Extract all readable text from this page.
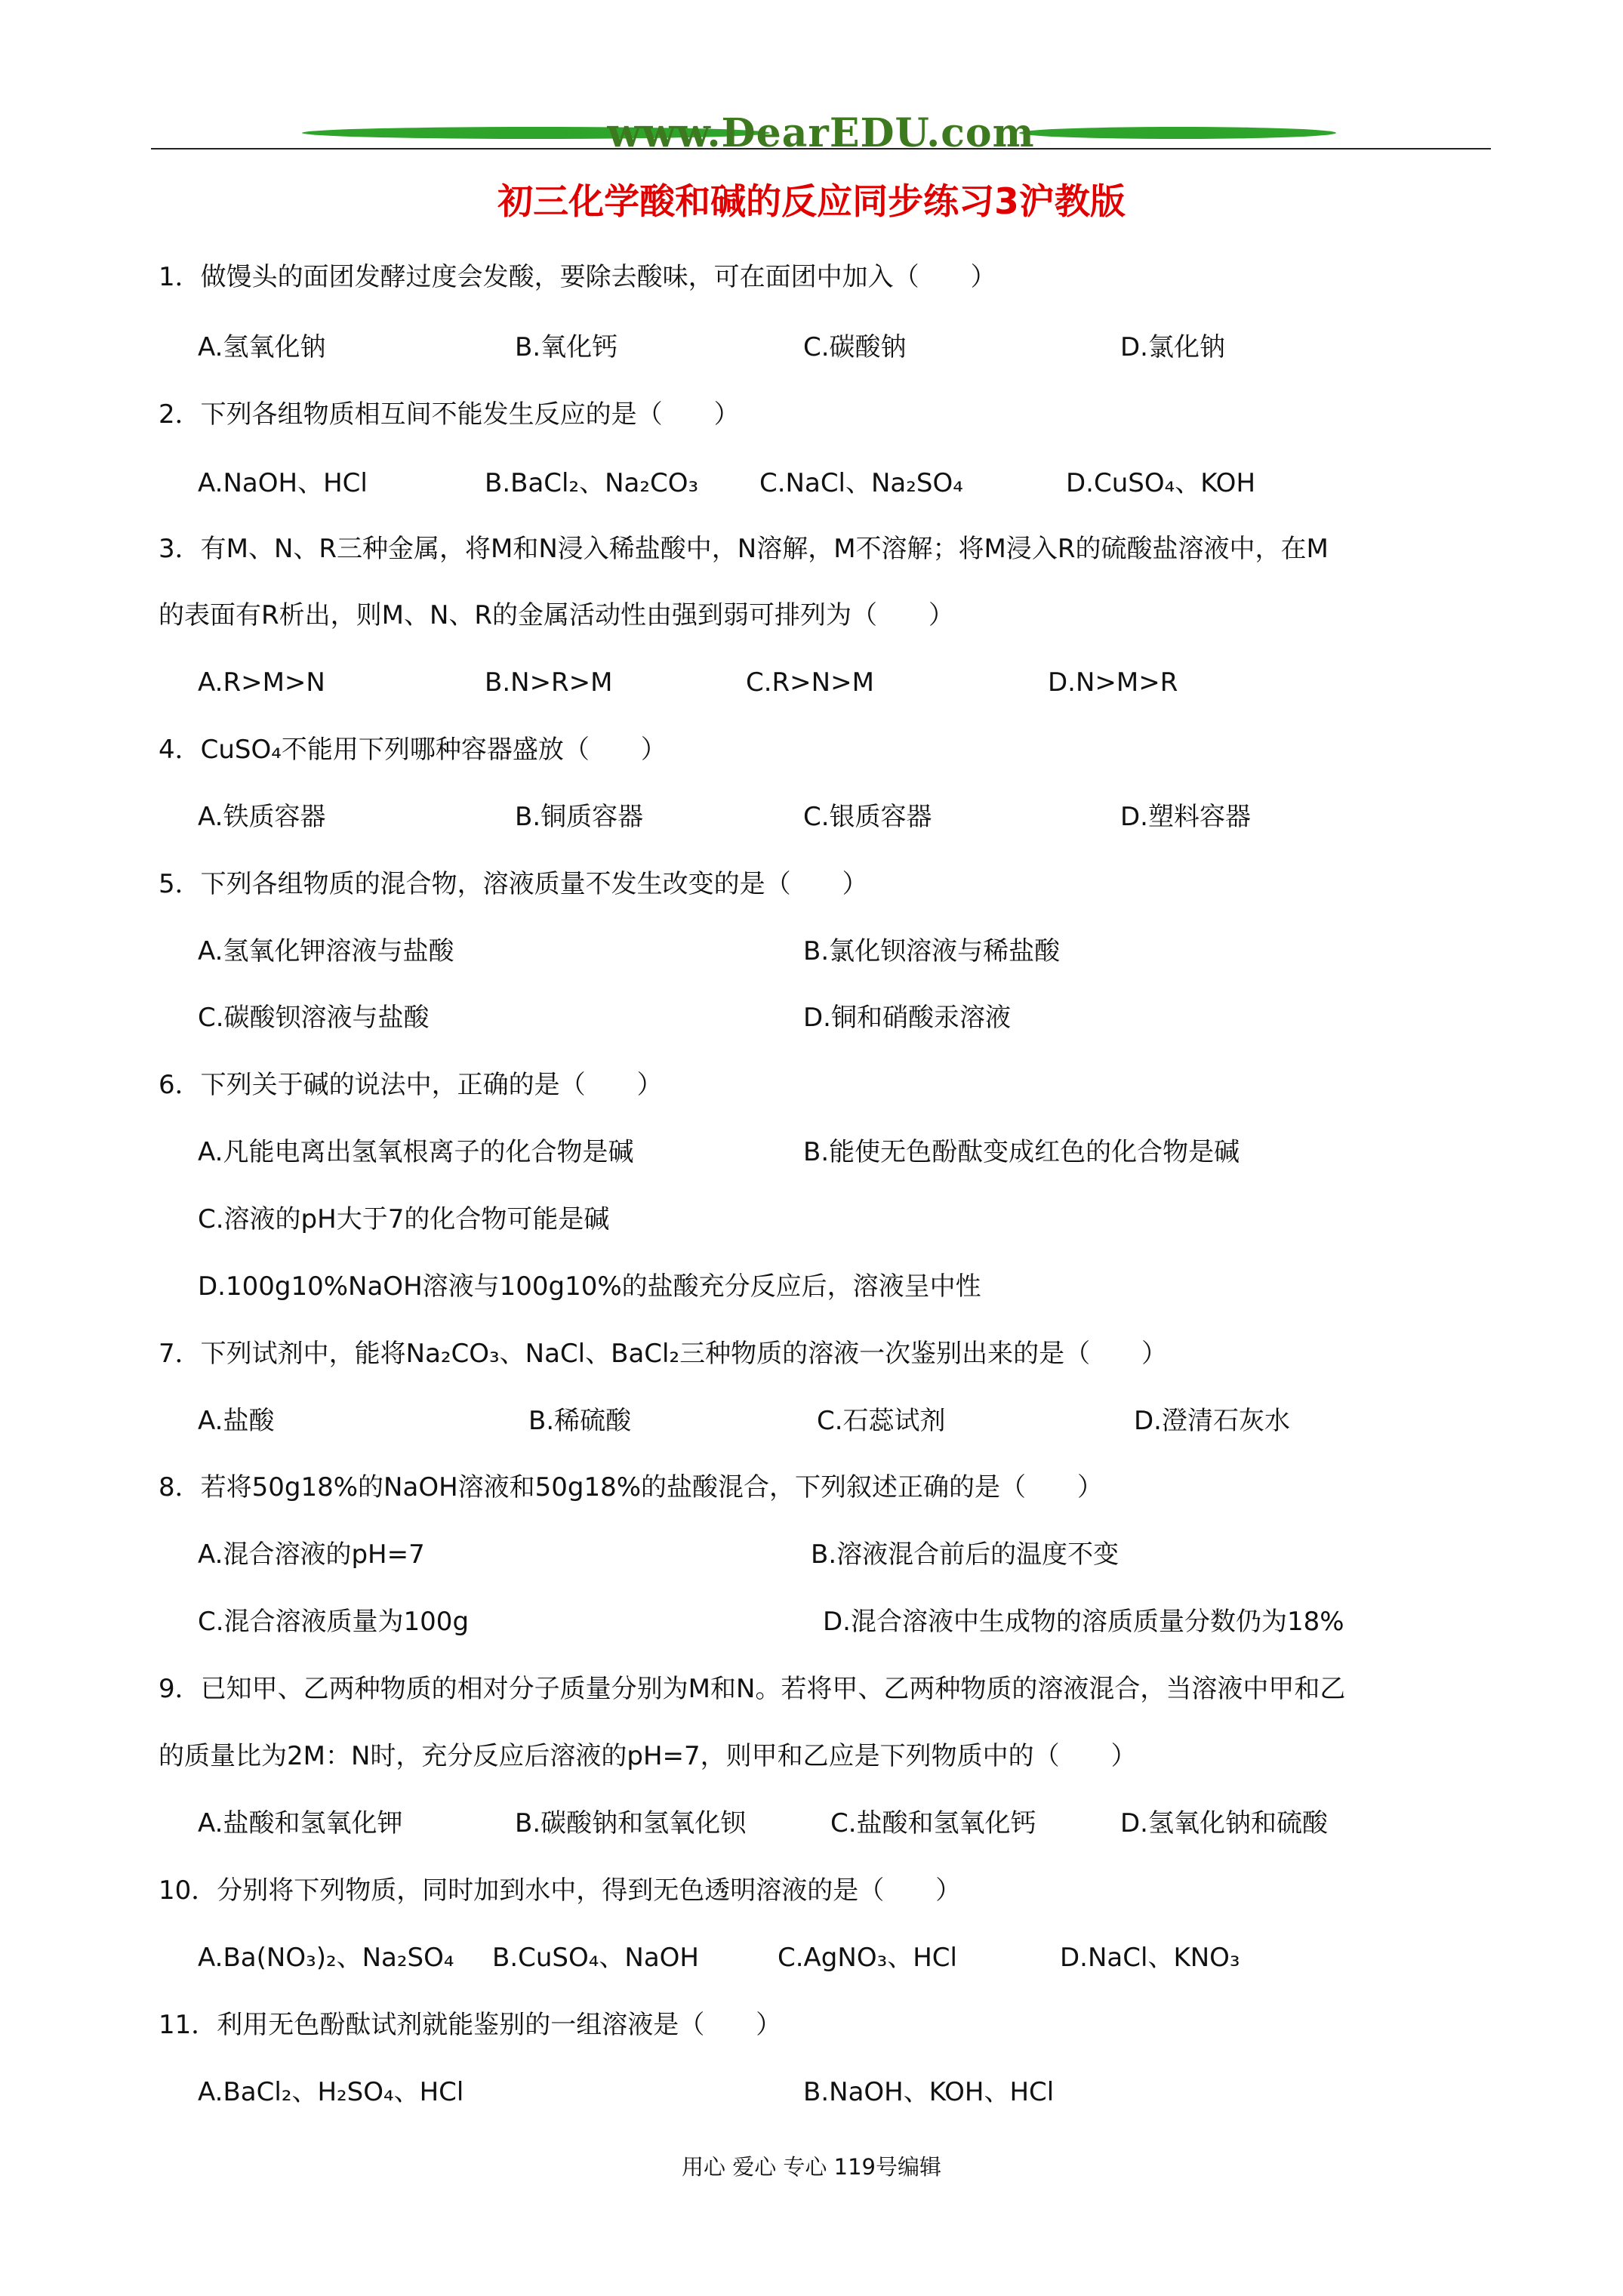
www.DearEDU.com
初三化学酸和碱的反应同步练习3沪教版
1．做馒头的面团发酵过度会发酸，要除去酸味，可在面团中加入（　　）
A.氢氧化钠	B.氧化钙	C.碳酸钠	D.氯化钠
2．下列各组物质相互间不能发生反应的是（　　）
A.NaOH、HCl	B.BaCl₂、Na₂CO₃ C.NaCl、Na₂SO₄	D.CuSO₄、KOH
3．有M、N、R三种金属，将M和N浸入稀盐酸中，N溶解，M不溶解；将M浸入R的硫酸盐溶液中，在M
的表面有R析出，则M、N、R的金属活动性由强到弱可排列为（　　）
A.R>M>N	B.N>R>M	C.R>N>M	D.N>M>R
4．CuSO₄不能用下列哪种容器盛放（　　）
A.铁质容器	B.铜质容器	C.银质容器	D.塑料容器
5．下列各组物质的混合物，溶液质量不发生改变的是（　　）
A.氢氧化钾溶液与盐酸	B.氯化钡溶液与稀盐酸
C.碳酸钡溶液与盐酸	D.铜和硝酸汞溶液
6．下列关于碱的说法中，正确的是（　　）
A.凡能电离出氢氧根离子的化合物是碱	B.能使无色酚酞变成红色的化合物是碱
C.溶液的pH大于7的化合物可能是碱
D.100g10%NaOH溶液与100g10%的盐酸充分反应后，溶液呈中性
7．下列试剂中，能将Na₂CO₃、NaCl、BaCl₂三种物质的溶液一次鉴别出来的是（　　）
A.盐酸	B.稀硫酸	C.石蕊试剂	D.澄清石灰水
8．若将50g18%的NaOH溶液和50g18%的盐酸混合，下列叙述正确的是（　　）
A.混合溶液的pH=7	B.溶液混合前后的温度不变
C.混合溶液质量为100g	D.混合溶液中生成物的溶质质量分数仍为18%
9．已知甲、乙两种物质的相对分子质量分别为M和N。若将甲、乙两种物质的溶液混合，当溶液中甲和乙
的质量比为2M：N时，充分反应后溶液的pH=7，则甲和乙应是下列物质中的（　　）
A.盐酸和氢氧化钾	B.碳酸钠和氢氧化钡	C.盐酸和氢氧化钙	D.氢氧化钠和硫酸
10．分别将下列物质，同时加到水中，得到无色透明溶液的是（　　）
A.Ba(NO₃)₂、Na₂SO₄ B.CuSO₄、NaOH	C.AgNO₃、HCl	D.NaCl、KNO₃
11．利用无色酚酞试剂就能鉴别的一组溶液是（　　）
A.BaCl₂、H₂SO₄、HCl	B.NaOH、KOH、HCl
用心 爱心 专心 119号编辑
